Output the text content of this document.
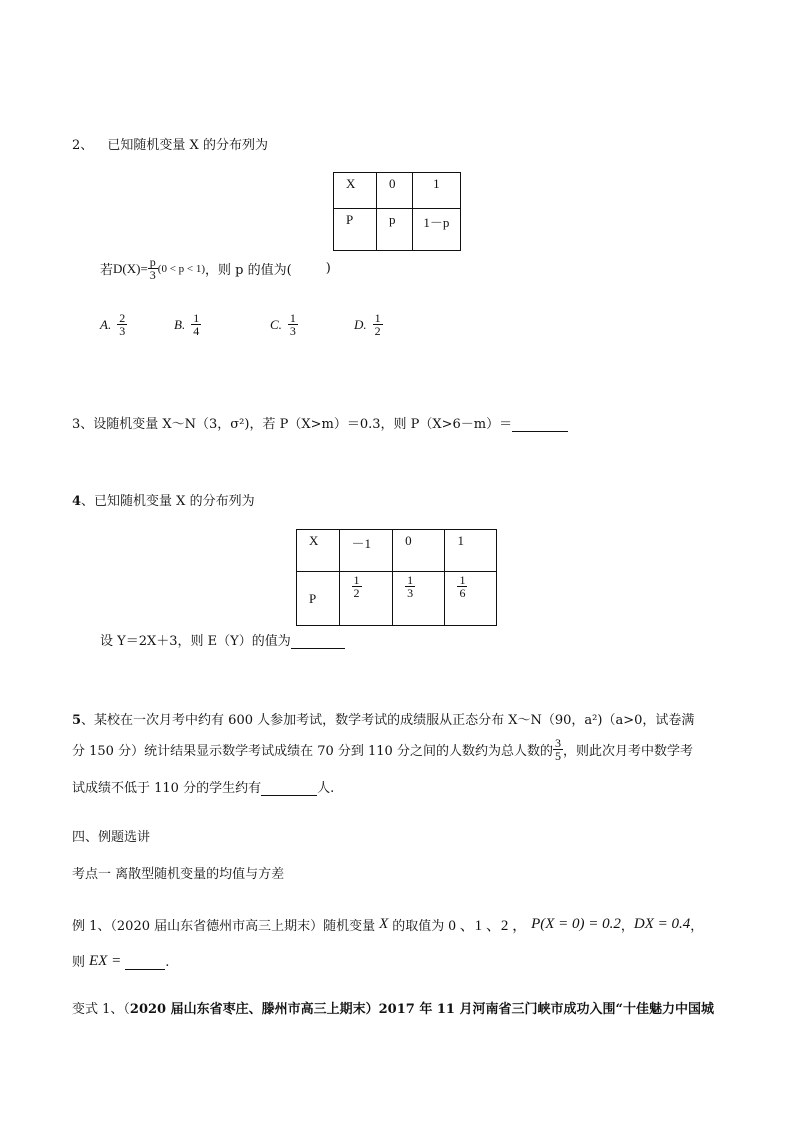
2、 已知随机变量 X 的分布列为
X	0	1
P	p	1－p
若 $D(X)= \frac{p}{3} (0 < p < 1)$ ，则 p 的值为(	)
A. $\frac{2}{3}$	B. $\frac{1}{4}$	C. $\frac{1}{3}$	D. $\frac{1}{2}$
3、设随机变量 X～N（3，σ²)，若 P（X>m）＝0.3，则 P（X>6－m）＝
4、已知随机变量 X 的分布列为
X	－1	0	1
P	$\frac{1}{2}$	$\frac{1}{3}$	$\frac{1}{6}$
设 Y＝2X＋3，则 E（Y）的值为
5、某校在一次月考中约有 600 人参加考试，数学考试的成绩服从正态分布 X～N（90，a²)（a>0，试卷满
分 150 分）统计结果显示数学考试成绩在 70 分到 110 分之间的人数约为总人数的 $\frac{3}{5}$ ，则此次月考中数学考
试成绩不低于 110 分的学生约有	人.
四、例题选讲
考点一 离散型随机变量的均值与方差
例 1、（2020 届山东省德州市高三上期末）随机变量 X 的取值为 0 、1 、2 ， P(X = 0) = 0.2 ， DX = 0.4 ，
则 EX =	.
变式 1、（2020 届山东省枣庄、滕州市高三上期末）2017 年 11 月河南省三门峡市成功入围“十佳魅力中国城
